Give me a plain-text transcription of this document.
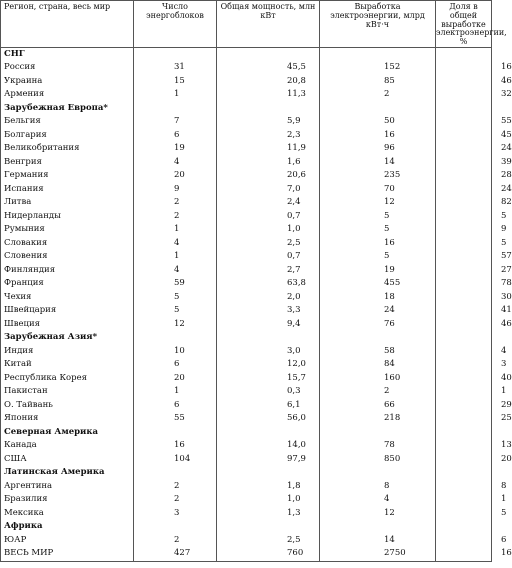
Регион, страна, весь мир	Число энергоблоков	Общая мощность, млн кВт	Выработка электроэнергии, млрд кВт·ч	Доля в общей выработке электроэнергии, %
СНГ				
Россия	31	45,5	152	16
Украина	15	20,8	85	46
Армения	1	11,3	2	32
Зарубежная Европа*				
Бельгия	7	5,9	50	55
Болгария	6	2,3	16	45
Великобритания	19	11,9	96	24
Венгрия	4	1,6	14	39
Германия	20	20,6	235	28
Испания	9	7,0	70	24
Литва	2	2,4	12	82
Нидерланды	2	0,7	5	5
Румыния	1	1,0	5	9
Словакия	4	2,5	16	5
Словения	1	0,7	5	57
Финляндия	4	2,7	19	27
Франция	59	63,8	455	78
Чехия	5	2,0	18	30
Швейцария	5	3,3	24	41
Швеция	12	9,4	76	46
Зарубежная Азия*				
Индия	10	3,0	58	4
Китай	6	12,0	84	3
Республика Корея	20	15,7	160	40
Пакистан	1	0,3	2	1
О. Тайвань	6	6,1	66	29
Япония	55	56,0	218	25
Северная Америка				
Канада	16	14,0	78	13
США	104	97,9	850	20
Латинская Америка				
Аргентина	2	1,8	8	8
Бразилия	2	1,0	4	1
Мексика	3	1,3	12	5
Африка				
ЮАР	2	2,5	14	6
ВЕСЬ МИР	427	760	2750	16
